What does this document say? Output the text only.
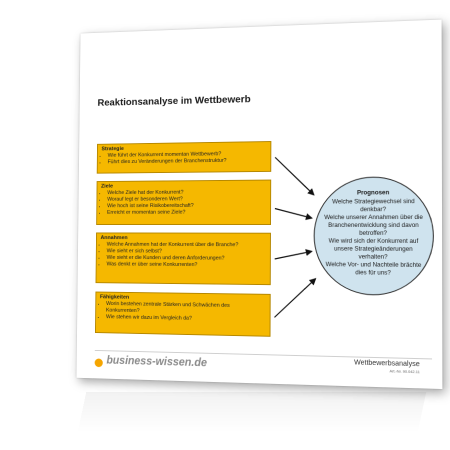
Reaktionsanalyse im Wettbewerb
Strategie
• Wie führt der Konkurrent momentan Wettbewerb?
• Führt dies zu Veränderungen der Branchenstruktur?
Ziele
• Welche Ziele hat der Konkurrent?
• Worauf legt er besonderen Wert?
• Wie hoch ist seine Risikobereitschaft?
• Erreicht er momentan seine Ziele?
Annahmen
• Welche Annahmen hat der Konkurrent über die Branche?
• Wie sieht er sich selbst?
• Wie sieht er die Kunden und deren Anforderungen?
• Was denkt er über seine Konkurrenten?
Fähigkeiten
• Worin bestehen zentrale Stärken und Schwächen des Konkurrenten?
• Wie stehen wir dazu im Vergleich da?
Prognosen
Welche Strategiewechsel sind denkbar?
Welche unserer Annahmen über die Branchenentwicklung sind davon betroffen?
Wie wird sich der Konkurrent auf unsere Strategieänderungen verhalten?
Welche Vor- und Nachteile brächte dies für uns?
business-wissen.de	Wettbewerbsanalyse
Art.-Nr. 90.042.11
